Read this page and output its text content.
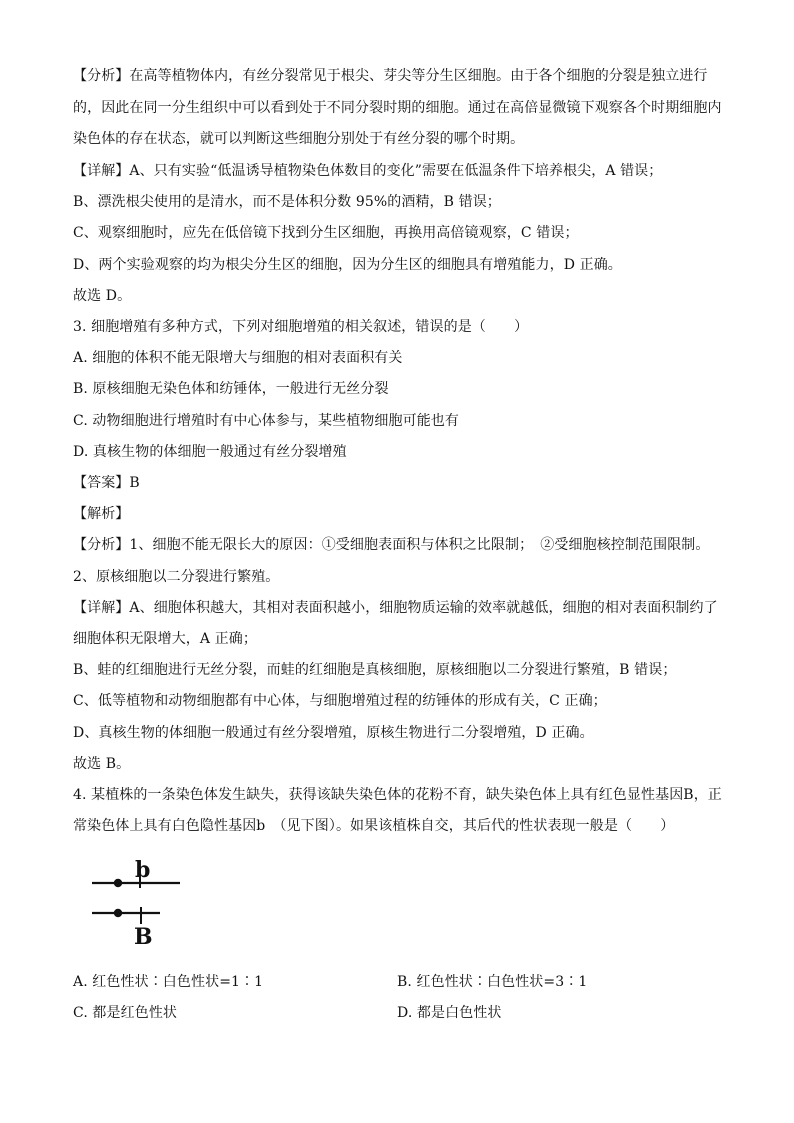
【分析】在高等植物体内，有丝分裂常见于根尖、芽尖等分生区细胞。由于各个细胞的分裂是独立进行
的，因此在同一分生组织中可以看到处于不同分裂时期的细胞。通过在高倍显微镜下观察各个时期细胞内
染色体的存在状态，就可以判断这些细胞分别处于有丝分裂的哪个时期。
【详解】A、只有实验“低温诱导植物染色体数目的变化”需要在低温条件下培养根尖，A 错误；
B、漂洗根尖使用的是清水，而不是体积分数 95%的酒精，B 错误；
C、观察细胞时，应先在低倍镜下找到分生区细胞，再换用高倍镜观察，C 错误；
D、两个实验观察的均为根尖分生区的细胞，因为分生区的细胞具有增殖能力，D 正确。
故选 D。
3. 细胞增殖有多种方式，下列对细胞增殖的相关叙述，错误的是（　　）
A. 细胞的体积不能无限增大与细胞的相对表面积有关
B. 原核细胞无染色体和纺锤体，一般进行无丝分裂
C. 动物细胞进行增殖时有中心体参与，某些植物细胞可能也有
D. 真核生物的体细胞一般通过有丝分裂增殖
【答案】B
【解析】
【分析】1、细胞不能无限长大的原因：①受细胞表面积与体积之比限制；　②受细胞核控制范围限制。
2、原核细胞以二分裂进行繁殖。
【详解】A、细胞体积越大，其相对表面积越小，细胞物质运输的效率就越低，细胞的相对表面积制约了
细胞体积无限增大，A 正确；
B、蛙的红细胞进行无丝分裂，而蛙的红细胞是真核细胞，原核细胞以二分裂进行繁殖，B 错误；
C、低等植物和动物细胞都有中心体，与细胞增殖过程的纺锤体的形成有关，C 正确；
D、真核生物的体细胞一般通过有丝分裂增殖，原核生物进行二分裂增殖，D 正确。
故选 B。
4. 某植株的一条染色体发生缺失，获得该缺失染色体的花粉不育，缺失染色体上具有红色显性基因B，正
常染色体上具有白色隐性基因b　（见下图）。如果该植株自交，其后代的性状表现一般是（　　）
b
B
A. 红色性状∶白色性状=1∶1	B. 红色性状∶白色性状=3∶1
C. 都是红色性状	D. 都是白色性状
